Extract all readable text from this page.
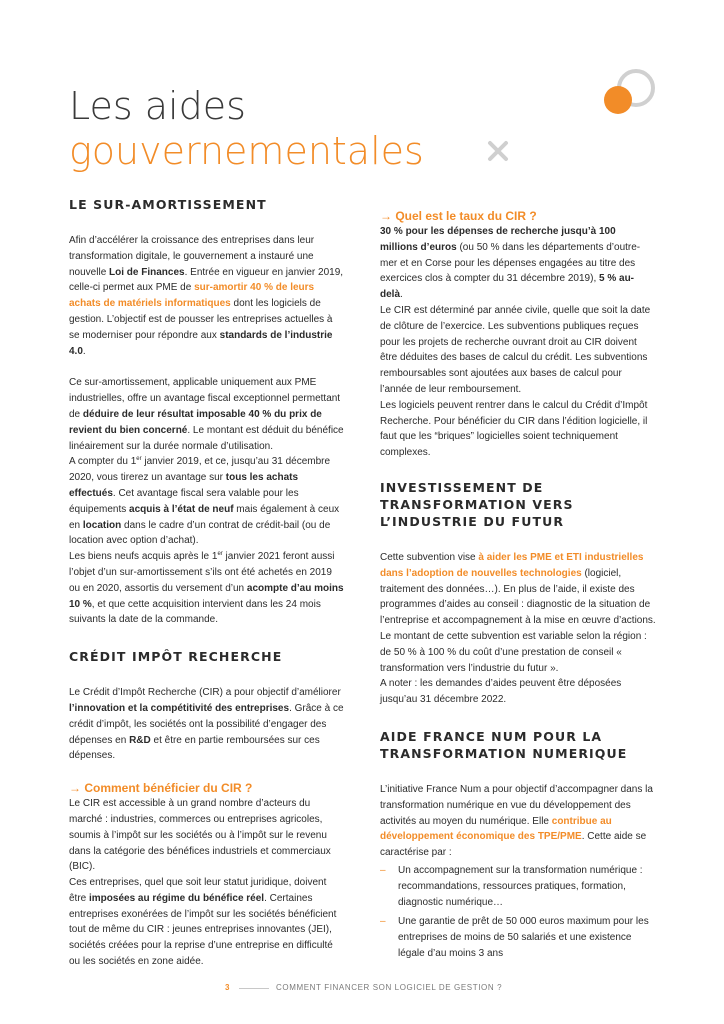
Les aides
gouvernementales
LE SUR-AMORTISSEMENT

Afin d’accélérer la croissance des entreprises dans leur transformation digitale, le gouvernement a instauré une nouvelle Loi de Finances. Entrée en vigueur en janvier 2019, celle-ci permet aux PME de sur-amortir 40 % de leurs achats de matériels informatiques dont les logiciels de gestion. L’objectif est de pousser les entreprises actuelles à se moderniser pour répondre aux standards de l’industrie 4.0.

Ce sur-amortissement, applicable uniquement aux PME industrielles, offre un avantage fiscal exceptionnel permettant de déduire de leur résultat imposable 40 % du prix de revient du bien concerné. Le montant est déduit du bénéfice linéairement sur la durée normale d’utilisation.

A compter du 1er janvier 2019, et ce, jusqu’au 31 décembre 2020, vous tirerez un avantage sur tous les achats effectués. Cet avantage fiscal sera valable pour les équipements acquis à l’état de neuf mais également à ceux en location dans le cadre d’un contrat de crédit-bail (ou de location avec option d’achat).

Les biens neufs acquis après le 1er janvier 2021 feront aussi l’objet d’un sur-amortissement s’ils ont été achetés en 2019 ou en 2020, assortis du versement d’un acompte d’au moins 10 %, et que cette acquisition intervient dans les 24 mois suivants la date de la commande.

CRÉDIT IMPÔT RECHERCHE

Le Crédit d’Impôt Recherche (CIR) a pour objectif d’améliorer l’innovation et la compétitivité des entreprises. Grâce à ce crédit d’impôt, les sociétés ont la possibilité d’engager des dépenses en R&D et être en partie remboursées sur ces dépenses.

→ Comment bénéficier du CIR ?

Le CIR est accessible à un grand nombre d’acteurs du marché : industries, commerces ou entreprises agricoles, soumis à l’impôt sur les sociétés ou à l’impôt sur le revenu dans la catégorie des bénéfices industriels et commerciaux (BIC).

Ces entreprises, quel que soit leur statut juridique, doivent être imposées au régime du bénéfice réel. Certaines entreprises exonérées de l’impôt sur les sociétés bénéficient tout de même du CIR : jeunes entreprises innovantes (JEI), sociétés créées pour la reprise d’une entreprise en difficulté ou les sociétés en zone aidée.

→ Quel est le taux du CIR ?

30 % pour les dépenses de recherche jusqu’à 100 millions d’euros (ou 50 % dans les départements d’outre-mer et en Corse pour les dépenses engagées au titre des exercices clos à compter du 31 décembre 2019), 5 % au-delà.

Le CIR est déterminé par année civile, quelle que soit la date de clôture de l’exercice. Les subventions publiques reçues pour les projets de recherche ouvrant droit au CIR doivent être déduites des bases de calcul du crédit. Les subventions remboursables sont ajoutées aux bases de calcul pour l’année de leur remboursement.

Les logiciels peuvent rentrer dans le calcul du Crédit d’Impôt Recherche. Pour bénéficier du CIR dans l’édition logicielle, il faut que les “briques” logicielles soient techniquement complexes.

INVESTISSEMENT DE TRANSFORMATION VERS L’INDUSTRIE DU FUTUR

Cette subvention vise à aider les PME et ETI industrielles dans l’adoption de nouvelles technologies (logiciel, traitement des données…). En plus de l’aide, il existe des programmes d’aides au conseil : diagnostic de la situation de l’entreprise et accompagnement à la mise en œuvre d’actions. Le montant de cette subvention est variable selon la région : de 50 % à 100 % du coût d’une prestation de conseil « transformation vers l’industrie du futur ».

A noter : les demandes d’aides peuvent être déposées jusqu’au 31 décembre 2022.

AIDE FRANCE NUM POUR LA TRANSFORMATION NUMERIQUE

L’initiative France Num a pour objectif d’accompagner dans la transformation numérique en vue du développement des activités au moyen du numérique. Elle contribue au développement économique des TPE/PME. Cette aide se caractérise par :

– Un accompagnement sur la transformation numérique : recommandations, ressources pratiques, formation, diagnostic numérique…
– Une garantie de prêt de 50 000 euros maximum pour les entreprises de moins de 50 salariés et une existence légale d’au moins 3 ans
3	COMMENT FINANCER SON LOGICIEL DE GESTION ?
